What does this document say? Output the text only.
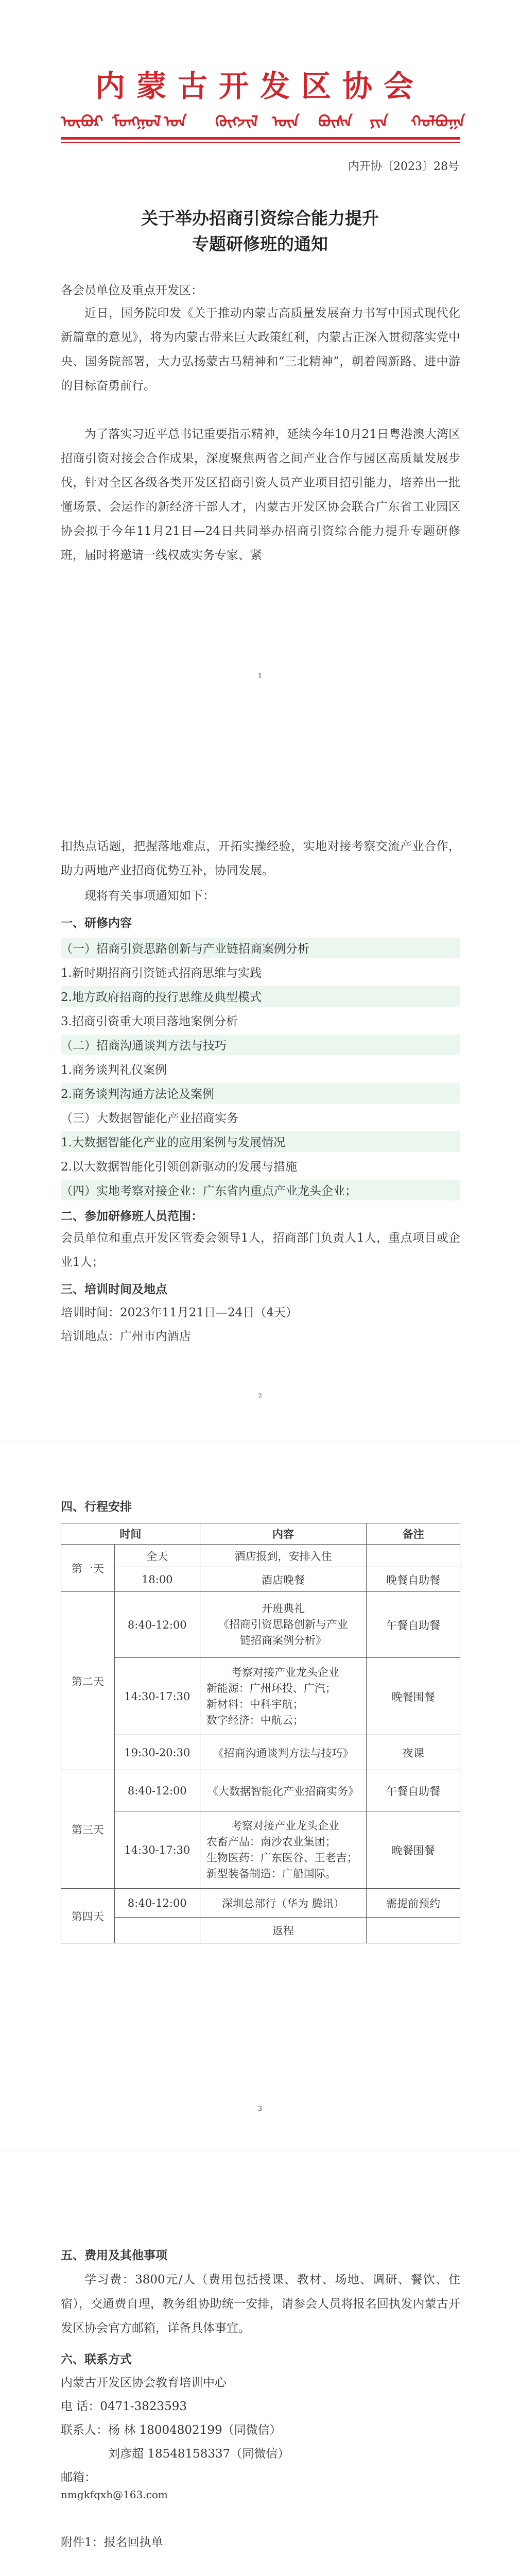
内蒙古开发区协会
ᠦᠪᠦᠷ ᠮᠣᠩᠭᠣᠯ ᠤᠨ ᠬᠥᠭᠵᠢᠯ ᠦᠨ ᠪᠦᠰᠡ ᠶᠢᠨ ᠬᠣᠯᠪᠣᠭᠠ
内开协〔2023〕28号
关于举办招商引资综合能力提升
专题研修班的通知
各会员单位及重点开发区：
近日，国务院印发《关于推动内蒙古高质量发展奋力书写中国式现代化新篇章的意见》，将为内蒙古带来巨大政策红利，内蒙古正深入贯彻落实党中央、国务院部署，大力弘扬蒙古马精神和“三北精神”，朝着闯新路、进中游的目标奋勇前行。
为了落实习近平总书记重要指示精神，延续今年10月21日粤港澳大湾区招商引资对接会合作成果，深度聚焦两省之间产业合作与园区高质量发展步伐，针对全区各级各类开发区招商引资人员产业项目招引能力，培养出一批懂场景、会运作的新经济干部人才，内蒙古开发区协会联合广东省工业园区协会拟于今年11月21日—24日共同举办招商引资综合能力提升专题研修班，届时将邀请一线权威实务专家、紧
1
扣热点话题，把握落地难点，开拓实操经验，实地对接考察交流产业合作，助力两地产业招商优势互补，协同发展。
现将有关事项通知如下：
一、研修内容
（一）招商引资思路创新与产业链招商案例分析
1.新时期招商引资链式招商思维与实践
2.地方政府招商的投行思维及典型模式
3.招商引资重大项目落地案例分析
（二）招商沟通谈判方法与技巧
1.商务谈判礼仪案例
2.商务谈判沟通方法论及案例
（三）大数据智能化产业招商实务
1.大数据智能化产业的应用案例与发展情况
2.以大数据智能化引领创新驱动的发展与措施
（四）实地考察对接企业：广东省内重点产业龙头企业；
二、参加研修班人员范围：
会员单位和重点开发区管委会领导1人，招商部门负责人1人，重点项目或企业1人；
三、培训时间及地点
培训时间：2023年11月21日—24日（4天）
培训地点：广州市内酒店
2
四、行程安排
时间		内容	备注
第一天	全天	酒店报到，安排入住	
	18:00	酒店晚餐	晚餐自助餐
第二天	8:40-12:00	开班典礼
《招商引资思路创新与产业
链招商案例分析》	午餐自助餐
	14:30-17:30	考察对接产业龙头企业
新能源：广州环投、广汽；
新材料：中科宇航；
数字经济：中航云；	晚餐围餐
	19:30-20:30	《招商沟通谈判方法与技巧》	夜课
第三天	8:40-12:00	《大数据智能化产业招商实务》	午餐自助餐
	14:30-17:30	考察对接产业龙头企业
农畜产品：南沙农业集团；
生物医药：广东医谷、王老吉；
新型装备制造：广船国际。	晚餐围餐
第四天	8:40-12:00	深圳总部行（华为 腾讯）	需提前预约
		返程	
3
五、费用及其他事项
学习费：3800元/人（费用包括授课、教材、场地、调研、餐饮、住宿），交通费自理，教务组协助统一安排，请参会人员将报名回执发内蒙古开发区协会官方邮箱，详备具体事宜。
六、联系方式
内蒙古开发区协会教育培训中心
电 话：0471-3823593
联系人：杨 林 18004802199（同微信）
刘彦超 18548158337（同微信）
邮箱：
nmgkfqxh@163.com
附件1：报名回执单
